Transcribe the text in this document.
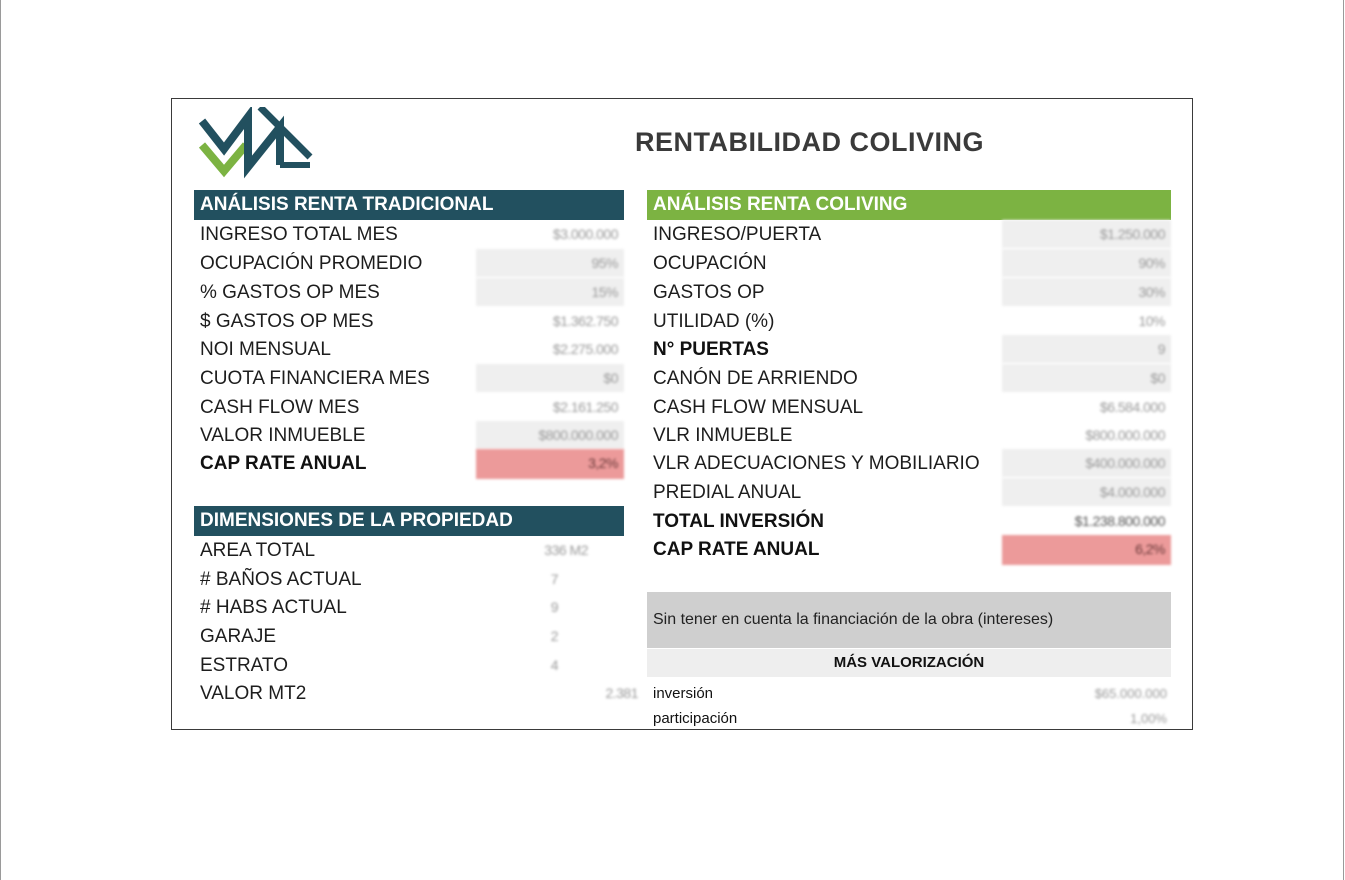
RENTABILIDAD COLIVING
ANÁLISIS RENTA TRADICIONAL
INGRESO TOTAL MES	$3.000.000
OCUPACIÓN PROMEDIO	95%
% GASTOS OP MES	15%
$ GASTOS OP MES	$1.362.750
NOI MENSUAL	$2.275.000
CUOTA FINANCIERA MES	$0
CASH FLOW MES	$2.161.250
VALOR INMUEBLE	$800.000.000
CAP RATE ANUAL	3,2%
DIMENSIONES DE LA PROPIEDAD
AREA TOTAL	336 M2
# BAÑOS ACTUAL	7
# HABS ACTUAL	9
GARAJE	2
ESTRATO	4
VALOR MT2	2.381
ANÁLISIS RENTA COLIVING
INGRESO/PUERTA	$1.250.000
OCUPACIÓN	90%
GASTOS OP	30%
UTILIDAD (%)	10%
N° PUERTAS	9
CANÓN DE ARRIENDO	$0
CASH FLOW MENSUAL	$6.584.000
VLR INMUEBLE	$800.000.000
VLR ADECUACIONES Y MOBILIARIO	$400.000.000
PREDIAL ANUAL	$4.000.000
TOTAL INVERSIÓN	$1.238.800.000
CAP RATE ANUAL	6,2%
Sin tener en cuenta la financiación de la obra (intereses)
MÁS VALORIZACIÓN
inversión	$65.000.000
participación	1,00%
